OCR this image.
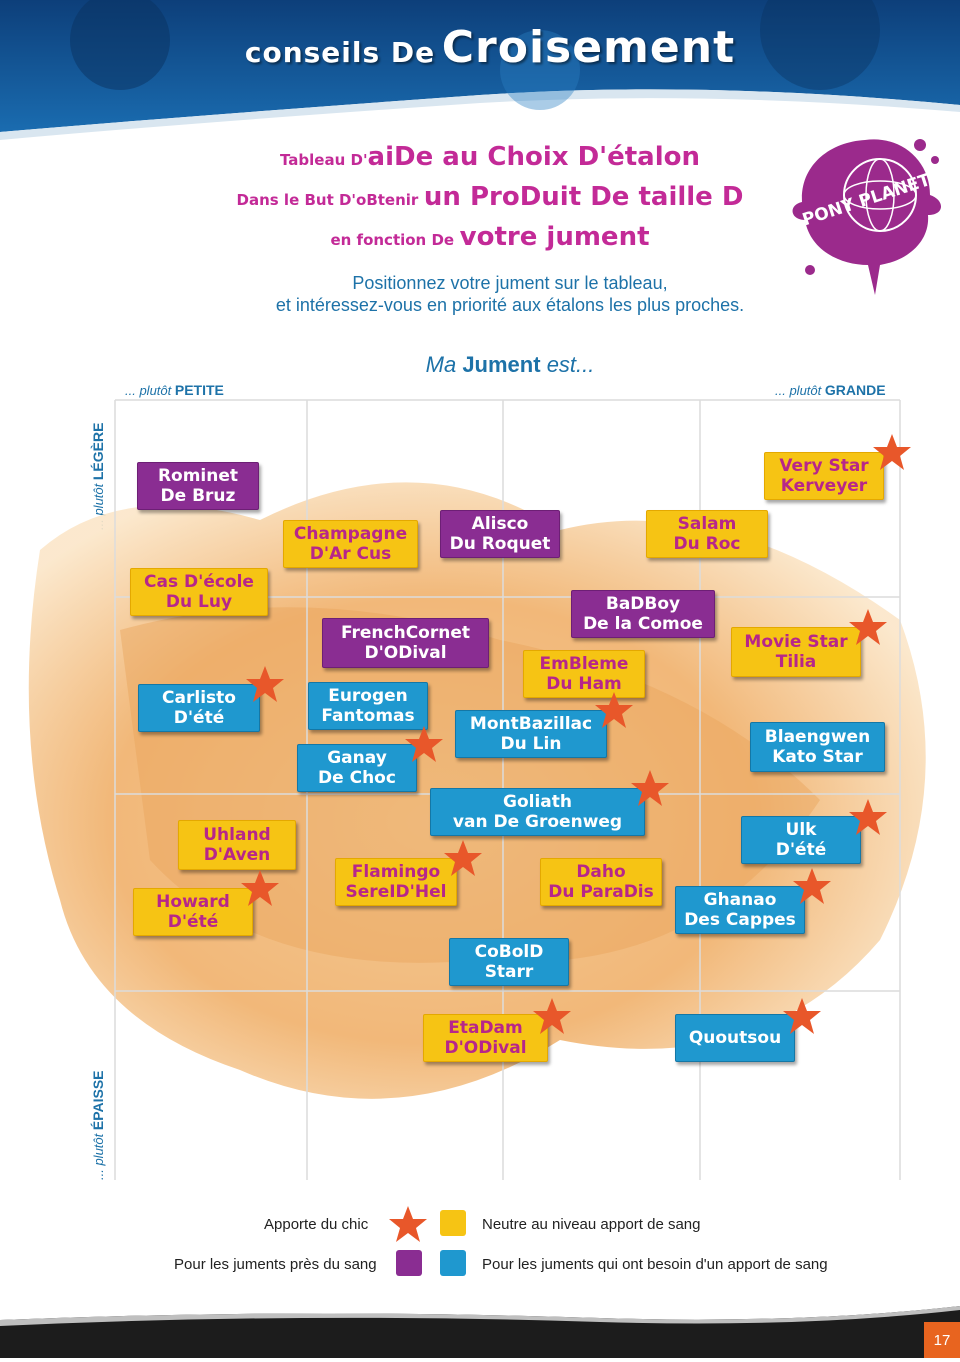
conseils De Croisement
Tableau D'aiDe au Choix D'étalon
Dans le But D'oBtenir un ProDuit De taille D
en fonction De votre jument
Positionnez votre jument sur le tableau,
et intéressez-vous en priorité aux étalons les plus proches.
PONY PLANET
Ma Jument est...
... plutôt PETITE	... plutôt GRANDE
... plutôt LÉGÈRE
... plutôt ÉPAISSE
Rominet
De Bruz
Champagne
D'Ar Cus
Alisco
Du Roquet
Salam
Du Roc
Very Star
Kerveyer
Cas D'école
Du Luy	BaDBoy
De la Comoe
FrenchCornet
D'ODival
Movie Star
Tilia
EmBleme
Du Ham
Carlisto
D'été
Eurogen
Fantomas	MontBazillac
Du Lin	Blaengwen
Kato Star
Ganay
De Choc
Goliath
van De Groenweg
Uhland
D'Aven
Ulk
D'été
Flamingo
SereID'Hel
Daho
Du ParaDis
Howard
D'été
Ghanao
Des Cappes
CoBolD
Starr
EtaDam
D'ODival	Quoutsou
Apporte du chic	Neutre au niveau apport de sang
Pour les juments près du sang	Pour les juments qui ont besoin d'un apport de sang
17
